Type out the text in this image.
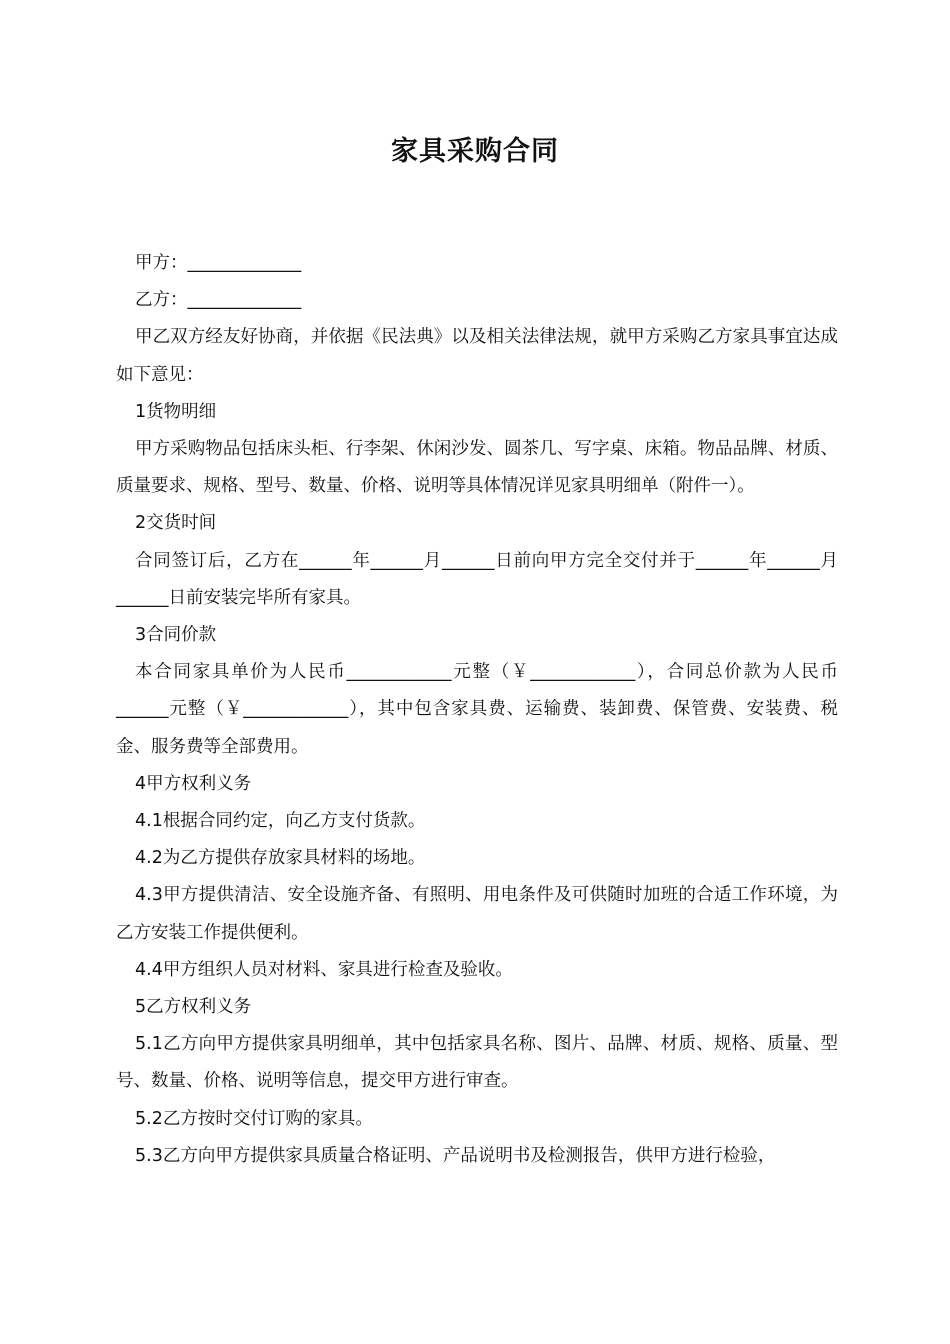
家具采购合同

甲方：_____________

乙方：_____________

甲乙双方经友好协商，并依据《民法典》以及相关法律法规，就甲方采购乙方家具事宜达成如下意见：

1货物明细

甲方采购物品包括床头柜、行李架、休闲沙发、圆茶几、写字桌、床箱。物品品牌、材质、质量要求、规格、型号、数量、价格、说明等具体情况详见家具明细单（附件一）。

2交货时间

合同签订后，乙方在______年______月______日前向甲方完全交付并于______年______月______日前安装完毕所有家具。

3合同价款

本合同家具单价为人民币____________元整（￥____________），合同总价款为人民币______元整（￥____________），其中包含家具费、运输费、装卸费、保管费、安装费、税金、服务费等全部费用。

4甲方权利义务

4.1根据合同约定，向乙方支付货款。

4.2为乙方提供存放家具材料的场地。

4.3甲方提供清洁、安全设施齐备、有照明、用电条件及可供随时加班的合适工作环境，为乙方安装工作提供便利。

4.4甲方组织人员对材料、家具进行检查及验收。

5乙方权利义务

5.1乙方向甲方提供家具明细单，其中包括家具名称、图片、品牌、材质、规格、质量、型号、数量、价格、说明等信息，提交甲方进行审查。

5.2乙方按时交付订购的家具。

5.3乙方向甲方提供家具质量合格证明、产品说明书及检测报告，供甲方进行检验，
